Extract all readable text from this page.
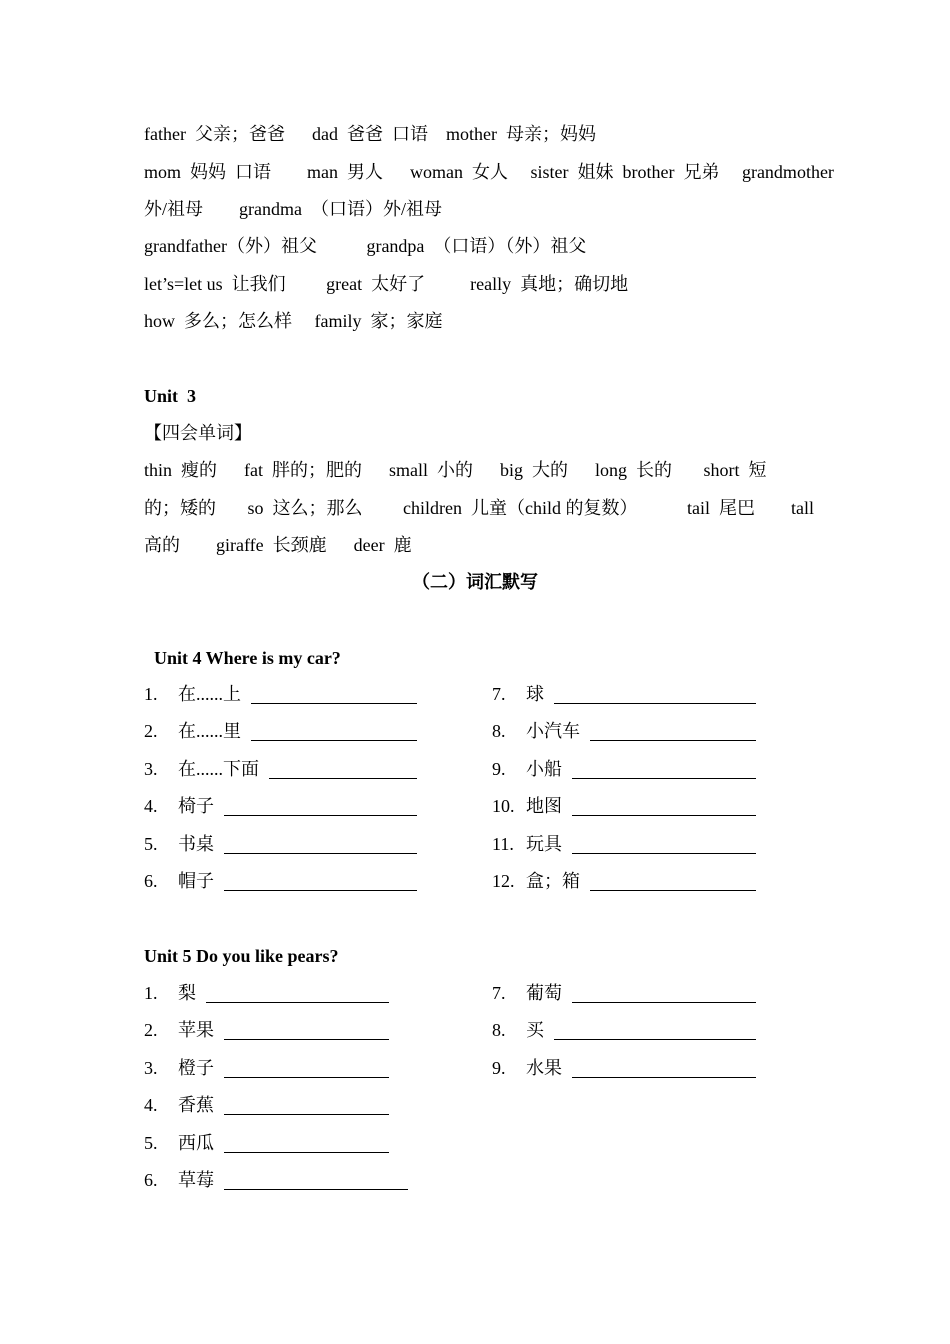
father  父亲；爸爸      dad  爸爸  口语    mother  母亲；妈妈
mom  妈妈  口语        man  男人      woman  女人     sister  姐妹  brother  兄弟     grandmother
外/祖母        grandma  （口语）外/祖母
grandfather（外）祖父           grandpa  （口语）（外）祖父
let’s=let us  让我们         great  太好了          really  真地；确切地
how  多么；怎么样     family  家；家庭
Unit  3
【四会单词】
thin  瘦的      fat  胖的；肥的      small  小的      big  大的      long  长的       short  短
的；矮的       so  这么；那么         children  儿童（child 的复数）           tail  尾巴        tall
高的        giraffe  长颈鹿      deer  鹿
（二）词汇默写
Unit 4 Where is my car?
1. 在......上
2. 在......里
3. 在......下面
4. 椅子
5. 书桌
6. 帽子
7. 球
8. 小汽车
9. 小船
10. 地图
11. 玩具
12. 盒；箱
Unit 5 Do you like pears?
1. 梨
2. 苹果
3. 橙子
4. 香蕉
5. 西瓜
6. 草莓
7. 葡萄
8. 买
9. 水果
